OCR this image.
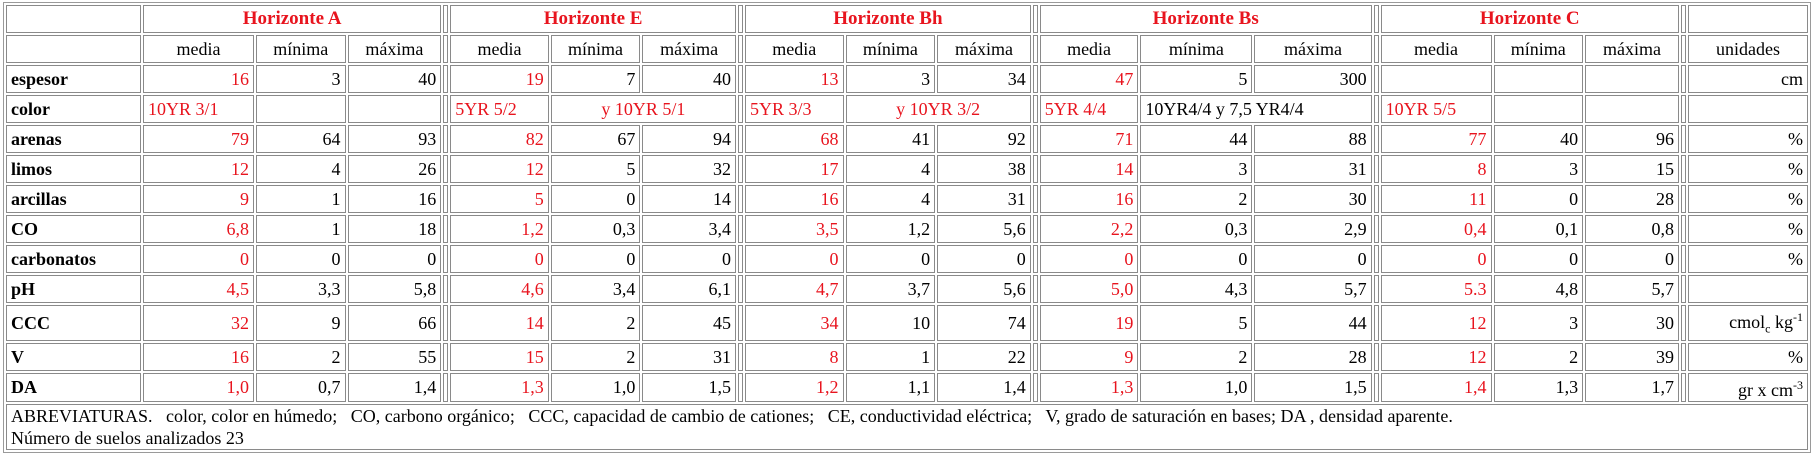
	Horizonte A				Horizonte E				Horizonte Bh				Horizonte Bs				Horizonte C				
	media	mínima	máxima		media	mínima	máxima		media	mínima	máxima		media	mínima	máxima		media	mínima	máxima		unidades
espesor	16	3	40		19	7	40		13	3	34		47	5	300						cm
color	10YR 3/1				5YR 5/2	y 10YR 5/1			5YR 3/3	y 10YR 3/2			5YR 4/4	10YR4/4 y 7,5 YR4/4			10YR 5/5				
arenas	79	64	93		82	67	94		68	41	92		71	44	88		77	40	96		%
limos	12	4	26		12	5	32		17	4	38		14	3	31		8	3	15		%
arcillas	9	1	16		5	0	14		16	4	31		16	2	30		11	0	28		%
CO	6,8	1	18		1,2	0,3	3,4		3,5	1,2	5,6		2,2	0,3	2,9		0,4	0,1	0,8		%
carbonatos	0	0	0		0	0	0		0	0	0		0	0	0		0	0	0		%
pH	4,5	3,3	5,8		4,6	3,4	6,1		4,7	3,7	5,6		5,0	4,3	5,7		5.3	4,8	5,7		
CCC	32	9	66		14	2	45		34	10	74		19	5	44		12	3	30		cmol$_c$ $kg^{-1}$
V	16	2	55		15	2	31		8	1	22		9	2	28		12	2	39		%
DA	1,0	0,7	1,4		1,3	1,0	1,5		1,2	1,1	1,4		1,3	1,0	1,5		1,4	1,3	1,7		gr x $cm^{-3}$

ABREVIATURAS.   color, color en húmedo;   CO, carbono orgánico;   CCC, capacidad de cambio de cationes;   CE, conductividad eléctrica;   V, grado de saturación en bases; DA , densidad aparente.
Número de suelos analizados 23																					
